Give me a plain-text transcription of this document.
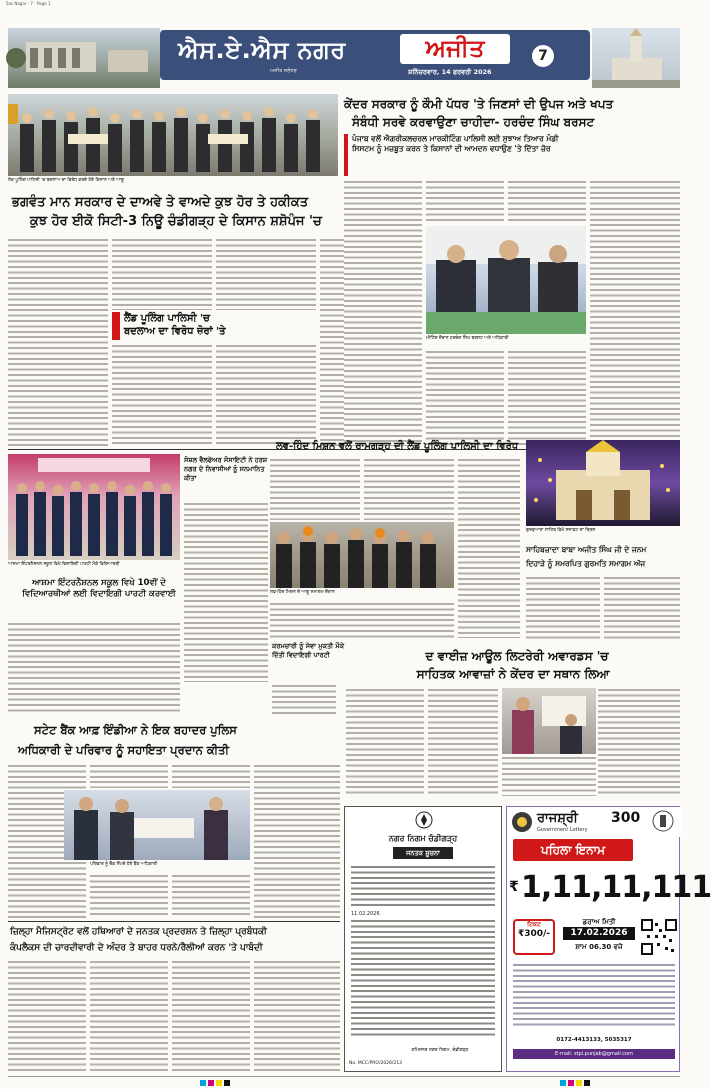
Sas Nagar - 7 - Page 1
ਐਸ.ਏ.ਐਸ ਨਗਰ	ਅਜੀਤ	7
ਅਜੀਤ ਜਲੰਧਰ	ਸ਼ਨਿੱਚਰਵਾਰ, 14 ਫਰਵਰੀ 2026
ਲੋਕ ਪੂਲਿੰਗ ਪਾਲਿਸੀ 'ਚ ਬਦਲਾਅ ਦਾ ਵਿਰੋਧ ਕਰਦੇ ਹੋਏ ਕਿਸਾਨ ਅਤੇ ਆਗੂ
ਭਗਵੰਤ ਮਾਨ ਸਰਕਾਰ ਦੇ ਦਾਅਵੇ ਤੇ ਵਾਅਦੇ ਕੁਝ ਹੋਰ ਤੇ ਹਕੀਕਤ
ਕੁਝ ਹੋਰ ਈਕੋ ਸਿਟੀ-3 ਨਿਊ ਚੰਡੀਗੜ੍ਹ ਦੇ ਕਿਸਾਨ ਸ਼ਸ਼ੋਪੰਜ 'ਚ
ਲੈਂਡ ਪੂਲਿੰਗ ਪਾਲਿਸੀ 'ਚ
ਬਦਲਾਅ ਦਾ ਵਿਰੋਧ ਜ਼ੋਰਾਂ 'ਤੇ
ਕੇਂਦਰ ਸਰਕਾਰ ਨੂੰ ਕੌਮੀ ਪੱਧਰ 'ਤੇ ਜਿਣਸਾਂ ਦੀ ਉਪਜ ਅਤੇ ਖਪਤ
ਸੰਬੰਧੀ ਸਰਵੇ ਕਰਵਾਉਣਾ ਚਾਹੀਦਾ- ਹਰਚੰਦ ਸਿੰਘ ਬਰਸਟ
ਪੰਜਾਬ ਵਲੋਂ ਐਗਰੀਕਲਚਰਲ ਮਾਰਕੀਟਿੰਗ ਪਾਲਿਸੀ ਲਈ ਸੁਝਾਅ ਤਿਆਰ ਮੰਡੀ
ਸਿਸਟਮ ਨੂੰ ਮਜ਼ਬੂਤ ਕਰਨ ਤੇ ਕਿਸਾਨਾਂ ਦੀ ਆਮਦਨ ਵਧਾਉਣ 'ਤੇ ਦਿੱਤਾ ਜ਼ੋਰ
ਮੀਟਿੰਗ ਦੌਰਾਨ ਹਰਚੰਦ ਸਿੰਘ ਬਰਸਟ ਅਤੇ ਅਧਿਕਾਰੀ
ਆਸ਼ਮਾ ਇੰਟਰਨੈਸ਼ਨਲ ਸਕੂਲ ਵਿਖੇ ਵਿਦਾਇਗੀ ਪਾਰਟੀ ਮੌਕੇ ਵਿਦਿਆਰਥੀ
ਸੋਸ਼ਲ ਵੈਲਫੇਅਰ ਸੋਸਾਇਟੀ ਨੇ ਹਰਸ਼ ਨਗਰ ਦੇ ਨਿਵਾਸੀਆਂ ਨੂੰ ਸਨਮਾਨਿਤ ਕੀਤਾ
ਆਸ਼ਮਾ ਇੰਟਰਨੈਸ਼ਨਲ ਸਕੂਲ ਵਿਖੇ 10ਵੀਂ ਦੇ ਵਿਦਿਆਰਥੀਆਂ ਲਈ ਵਿਦਾਇਗੀ ਪਾਰਟੀ ਕਰਵਾਈ
ਲਵ-ਹਿੰਦ ਮਿਸ਼ਨ ਵਲੋਂ ਰਾਮਗੜ੍ਹ ਦੀ ਲੈਂਡ ਪੂਲਿੰਗ ਪਾਲਿਸੀ ਦਾ ਵਿਰੋਧ
ਲਵ-ਹਿੰਦ ਮਿਸ਼ਨ ਦੇ ਆਗੂ ਸਮਾਗਮ ਦੌਰਾਨ
ਗੁਰਦੁਆਰਾ ਸਾਹਿਬ ਵਿਖੇ ਸਜਾਵਟ ਦਾ ਦ੍ਰਿਸ਼
ਸਾਹਿਬਜ਼ਾਦਾ ਬਾਬਾ ਅਜੀਤ ਸਿੰਘ ਜੀ ਦੇ ਜਨਮ
ਦਿਹਾੜੇ ਨੂੰ ਸਮਰਪਿਤ ਗੁਰਮਤਿ ਸਮਾਗਮ ਅੱਜ
ਕਰਮਚਾਰੀ ਨੂੰ ਸੇਵਾ ਮੁਕਤੀ ਮੌਕੇ ਦਿੱਤੀ ਵਿਦਾਇਗੀ ਪਾਰਟੀ	ਦ ਵਾਈਜ਼ ਆਊਲ ਲਿਟਰੇਰੀ ਅਵਾਰਡਸ 'ਚ
ਸਾਹਿਤਕ ਆਵਾਜ਼ਾਂ ਨੇ ਕੇਂਦਰ ਦਾ ਸਥਾਨ ਲਿਆ
ਸਟੇਟ ਬੈਂਕ ਆਫ਼ ਇੰਡੀਆ ਨੇ ਇਕ ਬਹਾਦਰ ਪੁਲਿਸ
ਅਧਿਕਾਰੀ ਦੇ ਪਰਿਵਾਰ ਨੂੰ ਸਹਾਇਤਾ ਪ੍ਰਦਾਨ ਕੀਤੀ
ਪਰਿਵਾਰ ਨੂੰ ਚੈੱਕ ਸੌਂਪਦੇ ਹੋਏ ਬੈਂਕ ਅਧਿਕਾਰੀ
ਜ਼ਿਲ੍ਹਾ ਮੈਜਿਸਟ੍ਰੇਟ ਵਲੋਂ ਹਥਿਆਰਾਂ ਦੇ ਜਨਤਕ ਪ੍ਰਦਰਸ਼ਨ ਤੇ ਜ਼ਿਲ੍ਹਾ ਪ੍ਰਬੰਧਕੀ
ਕੰਪਲੈਕਸ ਦੀ ਚਾਰਦੀਵਾਰੀ ਦੇ ਅੰਦਰ ਤੇ ਬਾਹਰ ਧਰਨੇ/ਰੈਲੀਆਂ ਕਰਨ 'ਤੇ ਪਾਬੰਦੀ
ਨਗਰ ਨਿਗਮ ਚੰਡੀਗੜ੍ਹ
ਜਨਤਕ ਸੂਚਨਾ
11.02.2026
ਕਮਿਸ਼ਨਰ ਨਗਰ ਨਿਗਮ, ਚੰਡੀਗੜ੍ਹ
No. MCC/PRO/2026/213
ਰਾਜਸ਼੍ਰੀ 300
Government Lottery
ਪਹਿਲਾ ਇਨਾਮ
₹ 1,11,11,111
ਟਿਕਟ
₹300/-
ਡਰਾਅ ਮਿਤੀ
17.02.2026
ਸ਼ਾਮ 06.30 ਵਜੇ
0172-4413133, 5035317
E-mail: stpl.punjab@gmail.com
